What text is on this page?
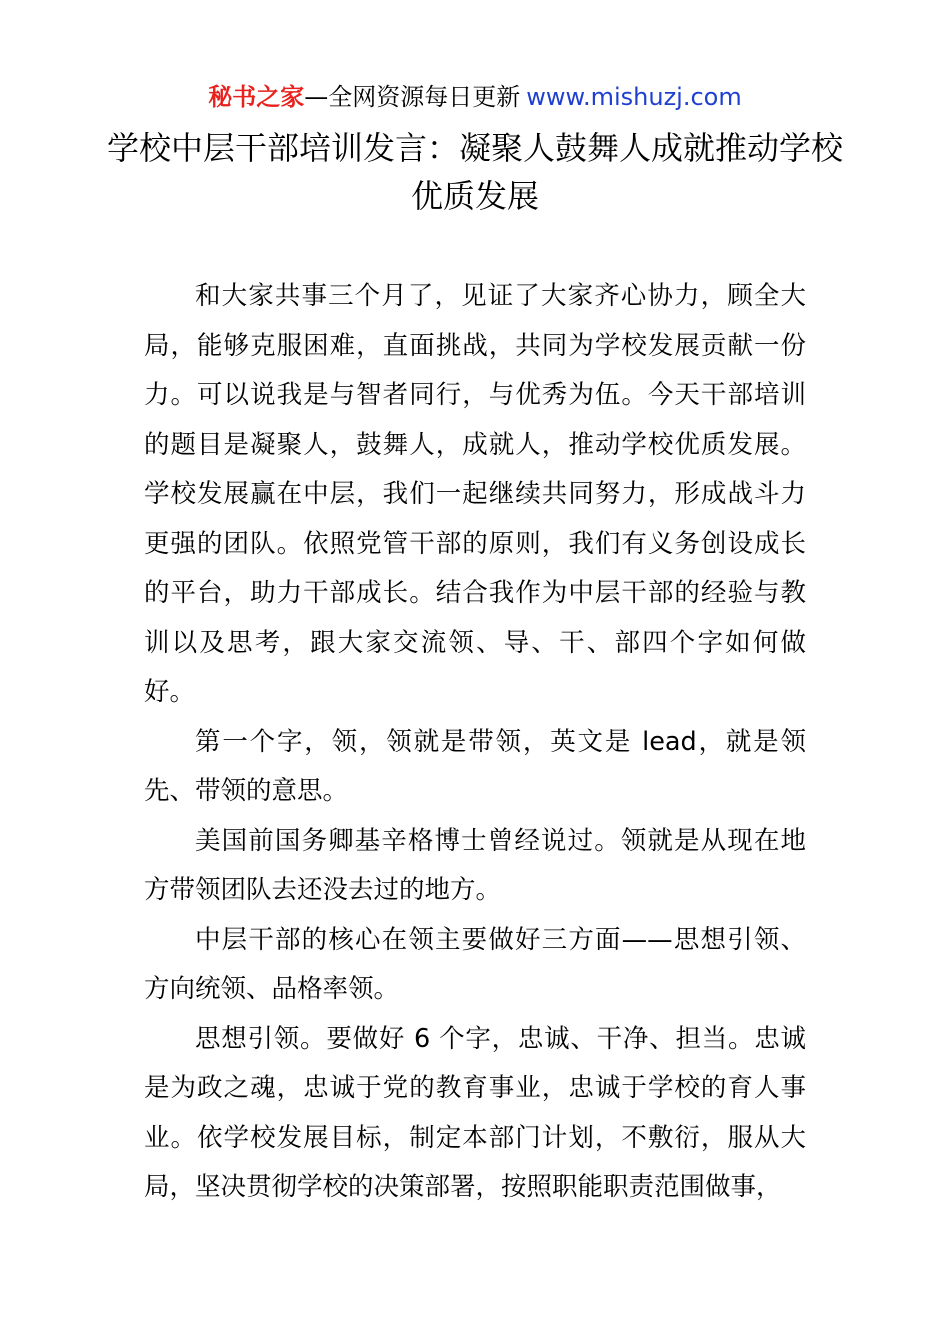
秘书之家—全网资源每日更新 www.mishuzj.com
学校中层干部培训发言：凝聚人鼓舞人成就推动学校优质发展

和大家共事三个月了，见证了大家齐心协力，顾全大局，能够克服困难，直面挑战，共同为学校发展贡献一份力。可以说我是与智者同行，与优秀为伍。今天干部培训的题目是凝聚人，鼓舞人，成就人，推动学校优质发展。学校发展赢在中层，我们一起继续共同努力，形成战斗力更强的团队。依照党管干部的原则，我们有义务创设成长的平台，助力干部成长。结合我作为中层干部的经验与教训以及思考，跟大家交流领、导、干、部四个字如何做好。

第一个字，领，领就是带领，英文是 lead，就是领先、带领的意思。

美国前国务卿基辛格博士曾经说过。领就是从现在地方带领团队去还没去过的地方。

中层干部的核心在领主要做好三方面——思想引领、方向统领、品格率领。

思想引领。要做好 6 个字，忠诚、干净、担当。忠诚是为政之魂，忠诚于党的教育事业，忠诚于学校的育人事业。依学校发展目标，制定本部门计划，不敷衍，服从大局，坚决贯彻学校的决策部署，按照职能职责范围做事，
